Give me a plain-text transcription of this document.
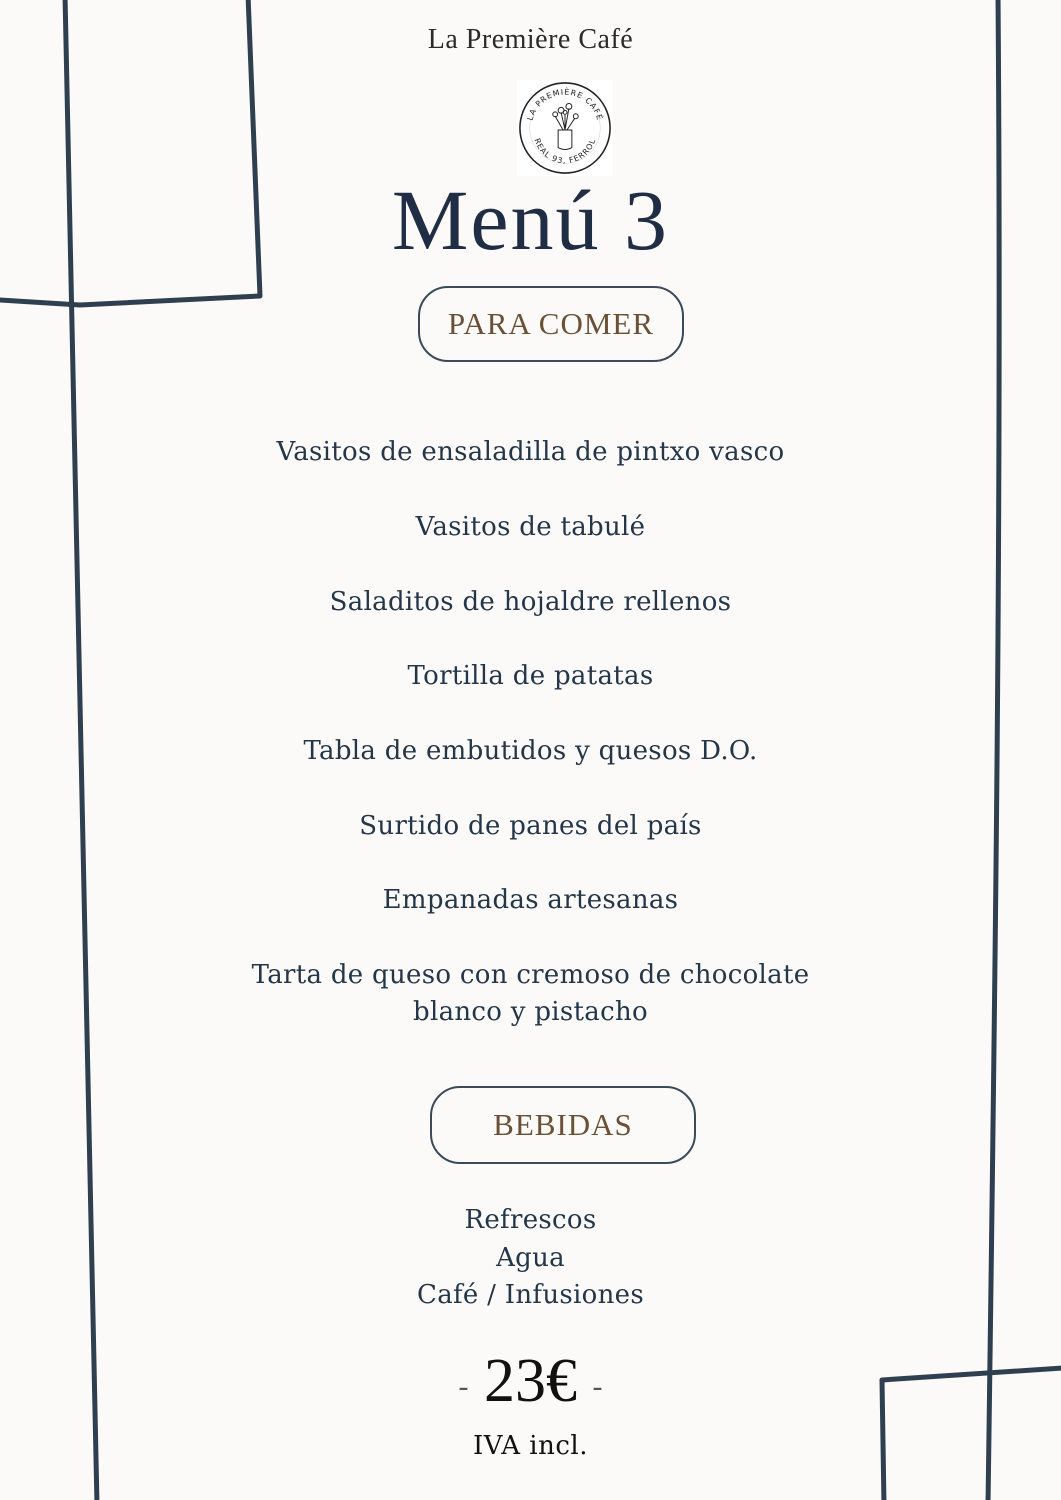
La Première Café
LA PREMIÈRE CAFÉ
REAL 93, FERROL
Menú 3
PARA COMER
Vasitos de ensaladilla de pintxo vasco
Vasitos de tabulé
Saladitos de hojaldre rellenos
Tortilla de patatas
Tabla de embutidos y quesos D.O.
Surtido de panes del país
Empanadas artesanas
Tarta de queso con cremoso de chocolate
blanco y pistacho
BEBIDAS
Refrescos
Agua
Café / Infusiones
- 23€ -
IVA incl.
